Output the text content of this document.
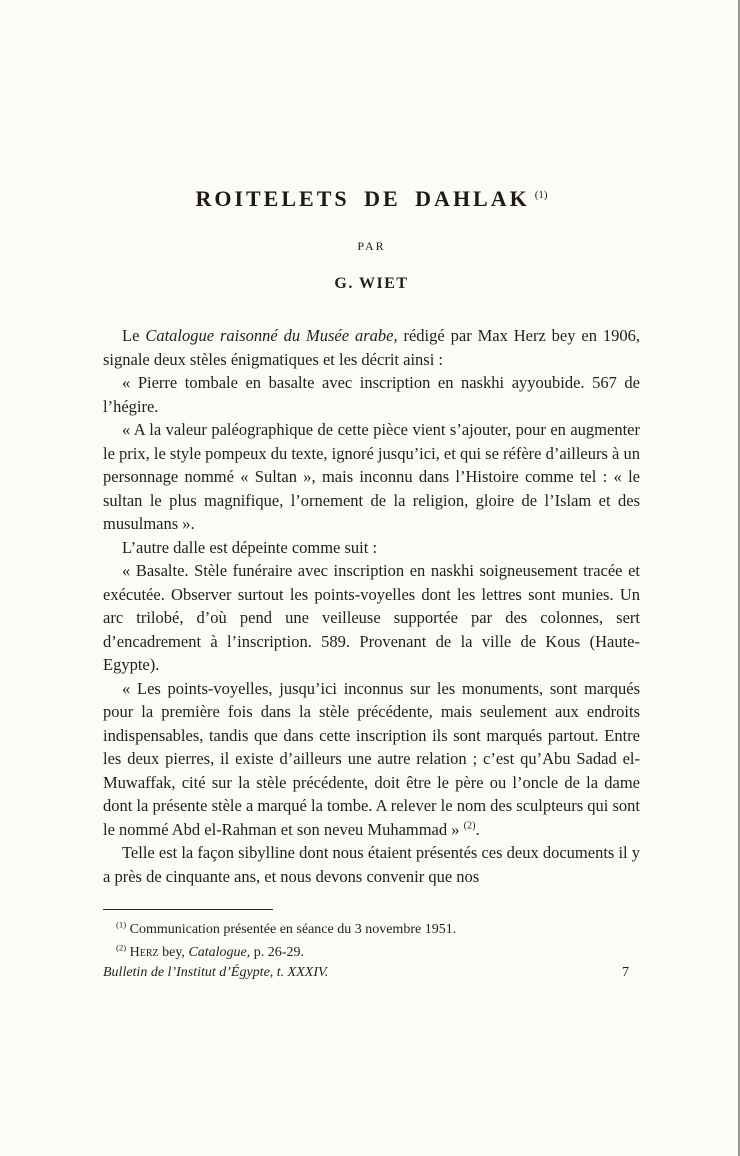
ROITELETS DE DAHLAK $^{(1)}$
PAR
G. WIET

Le Catalogue raisonné du Musée arabe, rédigé par Max Herz bey en 1906, signale deux stèles énigmatiques et les décrit ainsi :

« Pierre tombale en basalte avec inscription en naskhi ayyoubide. 567 de l’hégire.

« A la valeur paléographique de cette pièce vient s’ajouter, pour en augmenter le prix, le style pompeux du texte, ignoré jusqu’ici, et qui se réfère d’ailleurs à un personnage nommé « Sultan », mais inconnu dans l’Histoire comme tel : « le sultan le plus magnifique, l’ornement de la religion, gloire de l’Islam et des musulmans ».

L’autre dalle est dépeinte comme suit :

« Basalte. Stèle funéraire avec inscription en naskhi soigneusement tracée et exécutée. Observer surtout les points-voyelles dont les lettres sont munies. Un arc trilobé, d’où pend une veilleuse supportée par des colonnes, sert d’encadrement à l’inscription. 589. Provenant de la ville de Kous (Haute-Egypte).

« Les points-voyelles, jusqu’ici inconnus sur les monuments, sont marqués pour la première fois dans la stèle précédente, mais seulement aux endroits indispensables, tandis que dans cette inscription ils sont marqués partout. Entre les deux pierres, il existe d’ailleurs une autre relation ; c’est qu’Abu Sadad el-Muwaffak, cité sur la stèle précédente, doit être le père ou l’oncle de la dame dont la présente stèle a marqué la tombe. A relever le nom des sculpteurs qui sont le nommé Abd el-Rahman et son neveu Muhammad » $^{(2)}$.

Telle est la façon sibylline dont nous étaient présentés ces deux documents il y a près de cinquante ans, et nous devons convenir que nos

$^{(1)}$ Communication présentée en séance du 3 novembre 1951.

$^{(2)}$ Herz bey, Catalogue, p. 26-29.

Bulletin de l’Institut d’Égypte, t. XXXIV.	7
